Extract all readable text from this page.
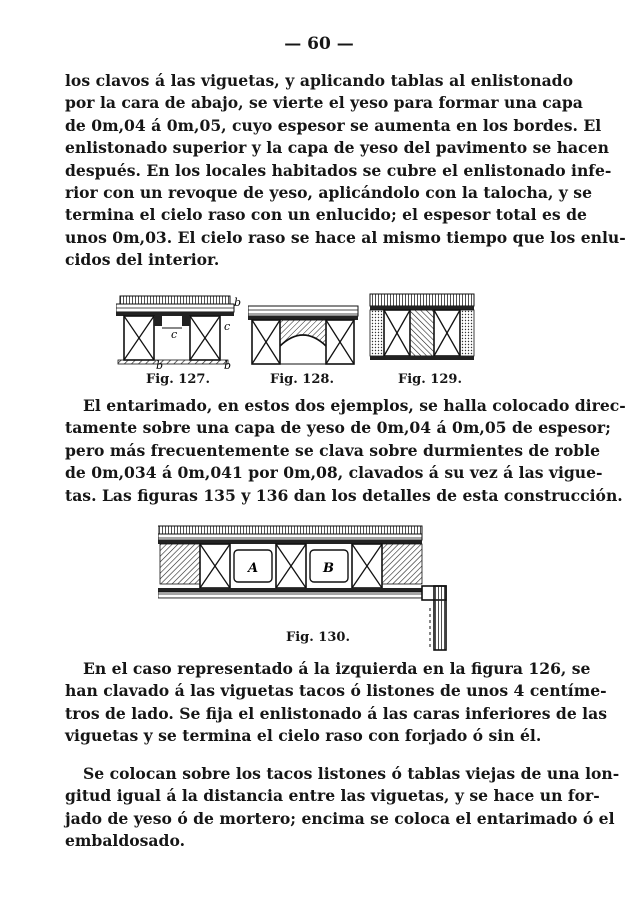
— 60 —
los clavos á las viguetas, y aplicando tablas al enlistonado
por la cara de abajo, se vierte el yeso para formar una capa
de 0m,04 á 0m,05, cuyo espesor se aumenta en los bordes. El
enlistonado superior y la capa de yeso del pavimento se hacen
después. En los locales habitados se cubre el enlistonado infe-
rior con un revoque de yeso, aplicándolo con la talocha, y se
termina el cielo raso con un enlucido; el espesor total es de
unos 0m,03. El cielo raso se hace al mismo tiempo que los enlu-
cidos del interior.
b
c
c
b	b
Fig. 127.	Fig. 128.	Fig. 129.
El entarimado, en estos dos ejemplos, se halla colocado direc-
tamente sobre una capa de yeso de 0m,04 á 0m,05 de espesor;
pero más frecuentemente se clava sobre durmientes de roble
de 0m,034 á 0m,041 por 0m,08, clavados á su vez á las vigue-
tas. Las figuras 135 y 136 dan los detalles de esta construcción.
A	B
Fig. 130.
En el caso representado á la izquierda en la figura 126, se
han clavado á las viguetas tacos ó listones de unos 4 centíme-
tros de lado. Se fija el enlistonado á las caras inferiores de las
viguetas y se termina el cielo raso con forjado ó sin él.
Se colocan sobre los tacos listones ó tablas viejas de una lon-
gitud igual á la distancia entre las viguetas, y se hace un for-
jado de yeso ó de mortero; encima se coloca el entarimado ó el
embaldosado.
